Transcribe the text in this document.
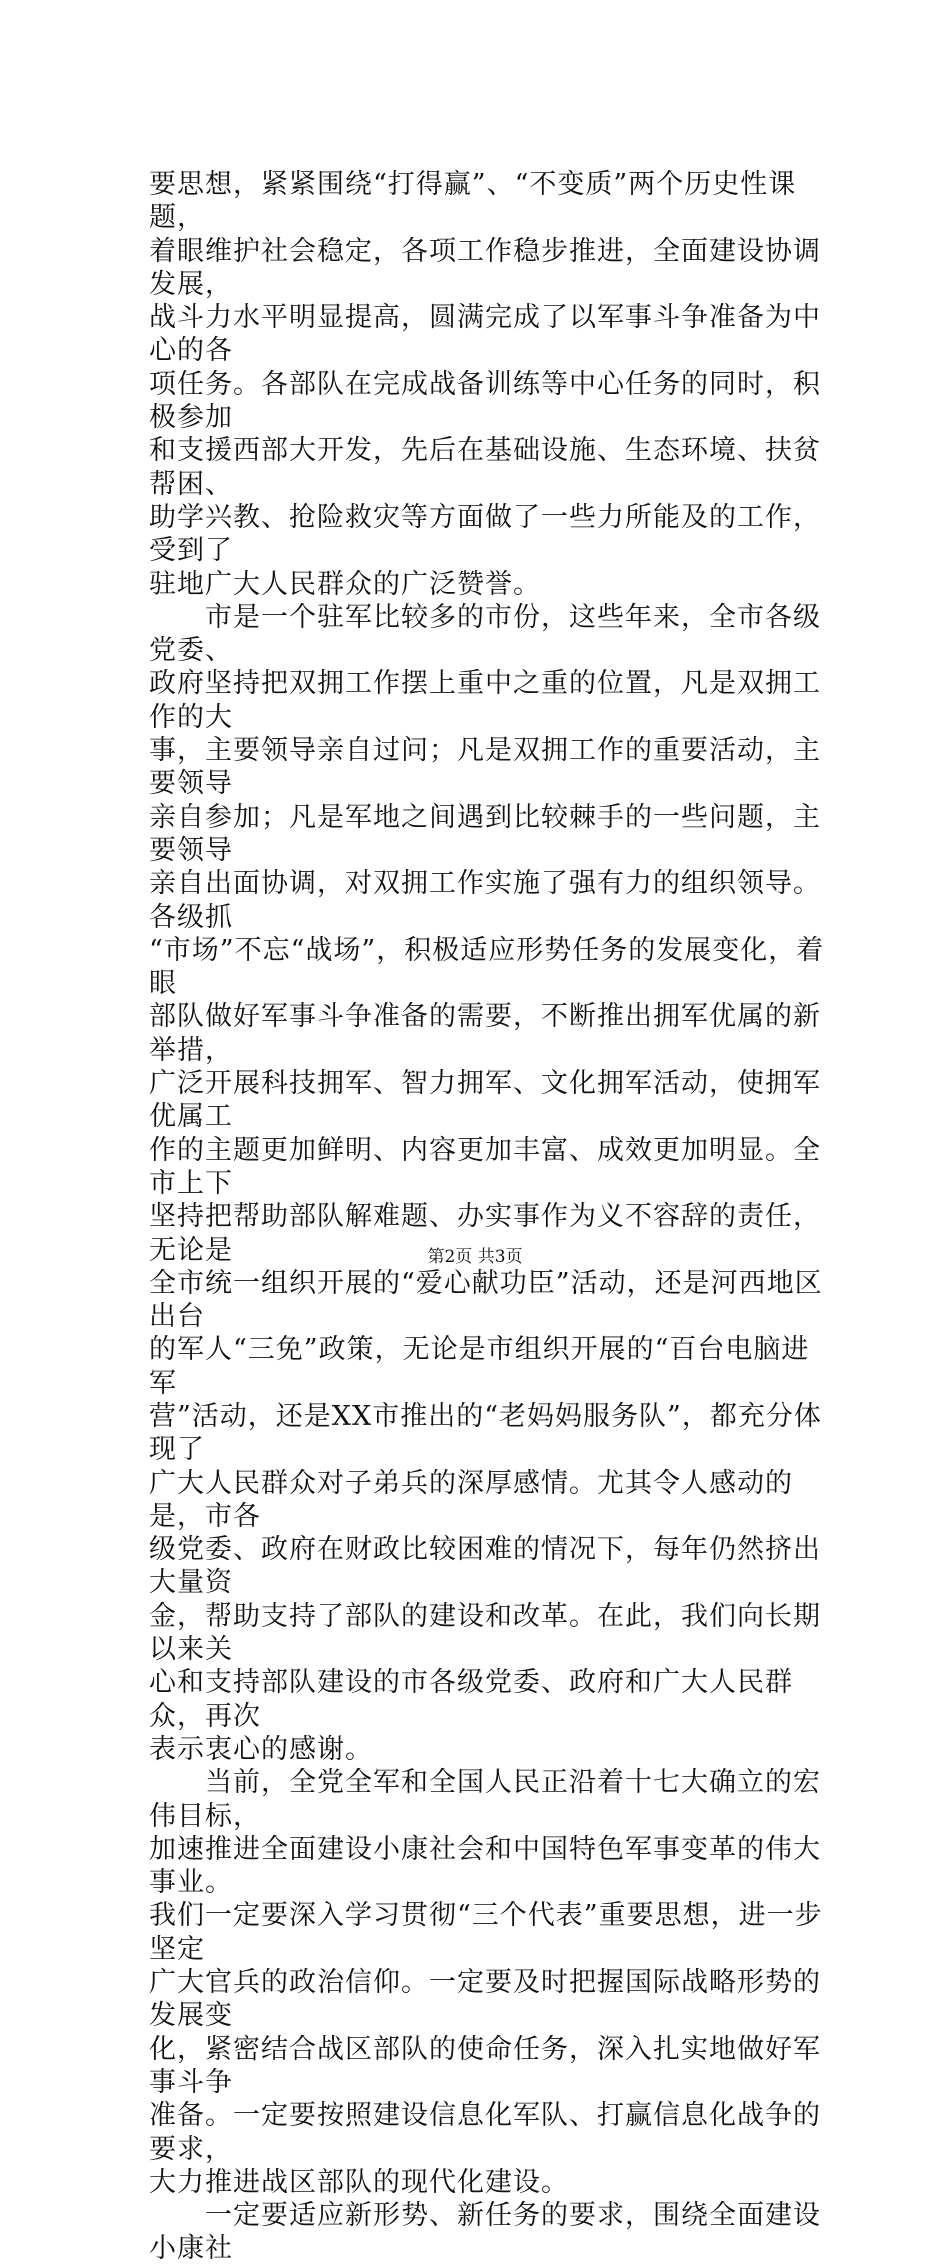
要思想，紧紧围绕“打得赢”、“不变质”两个历史性课题，
着眼维护社会稳定，各项工作稳步推进，全面建设协调发展，
战斗力水平明显提高，圆满完成了以军事斗争准备为中心的各
项任务。各部队在完成战备训练等中心任务的同时，积极参加
和支援西部大开发，先后在基础设施、生态环境、扶贫帮困、
助学兴教、抢险救灾等方面做了一些力所能及的工作，受到了
驻地广大人民群众的广泛赞誉。

　　市是一个驻军比较多的市份，这些年来，全市各级党委、
政府坚持把双拥工作摆上重中之重的位置，凡是双拥工作的大
事，主要领导亲自过问；凡是双拥工作的重要活动，主要领导
亲自参加；凡是军地之间遇到比较棘手的一些问题，主要领导
亲自出面协调，对双拥工作实施了强有力的组织领导。各级抓
“市场”不忘“战场”，积极适应形势任务的发展变化，着眼
部队做好军事斗争准备的需要，不断推出拥军优属的新举措，
广泛开展科技拥军、智力拥军、文化拥军活动，使拥军优属工
作的主题更加鲜明、内容更加丰富、成效更加明显。全市上下
坚持把帮助部队解难题、办实事作为义不容辞的责任，无论是
全市统一组织开展的“爱心献功臣”活动，还是河西地区出台
的军人“三免”政策，无论是市组织开展的“百台电脑进军
营”活动，还是XX市推出的“老妈妈服务队”，都充分体现了
广大人民群众对子弟兵的深厚感情。尤其令人感动的是，市各
级党委、政府在财政比较困难的情况下，每年仍然挤出大量资
金，帮助支持了部队的建设和改革。在此，我们向长期以来关
心和支持部队建设的市各级党委、政府和广大人民群众，再次
表示衷心的感谢。

　　当前，全党全军和全国人民正沿着十七大确立的宏伟目标，
加速推进全面建设小康社会和中国特色军事变革的伟大事业。
我们一定要深入学习贯彻“三个代表”重要思想，进一步坚定
广大官兵的政治信仰。一定要及时把握国际战略形势的发展变
化，紧密结合战区部队的使命任务，深入扎实地做好军事斗争
准备。一定要按照建设信息化军队、打赢信息化战争的要求，
大力推进战区部队的现代化建设。

　　一定要适应新形势、新任务的要求，围绕全面建设小康社

第2页 共3页
